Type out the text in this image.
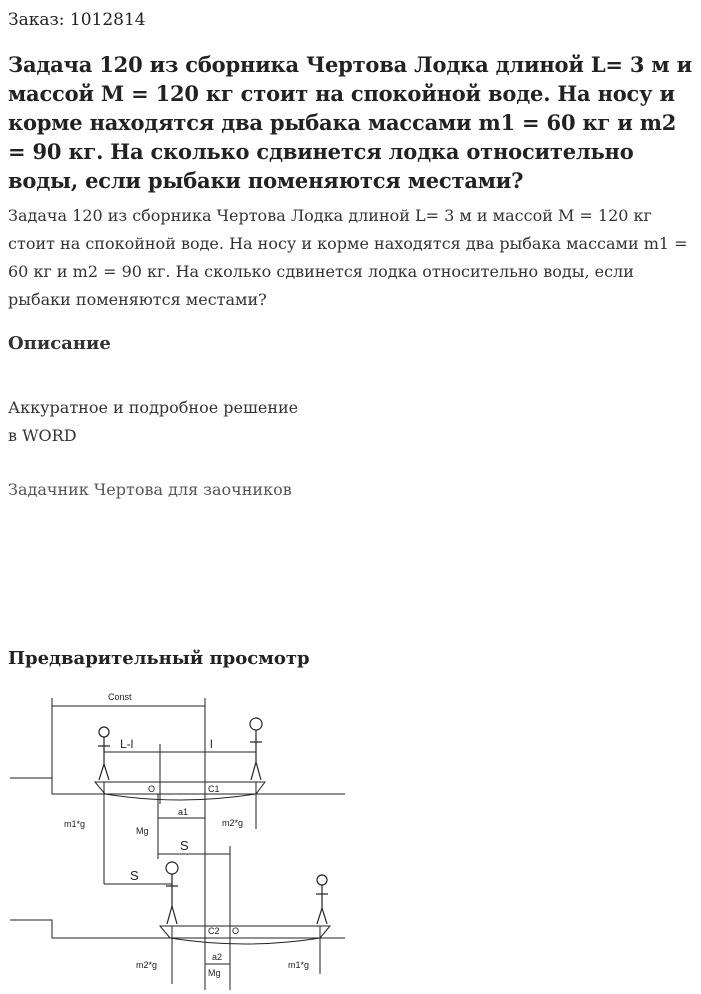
Заказ: 1012814
Задача 120 из сборника Чертова Лодка длиной L= 3 м и массой M = 120 кг стоит на спокойной воде. На носу и корме находятся два рыбака массами m1 = 60 кг и m2 = 90 кг. На сколько сдвинется лодка относительно воды, если рыбаки поменяются местами?

Задача 120 из сборника Чертова Лодка длиной L= 3 м и массой M = 120 кг стоит на спокойной воде. На носу и корме находятся два рыбака массами m1 = 60 кг и m2 = 90 кг. На сколько сдвинется лодка относительно воды, если рыбаки поменяются местами?

Описание
Аккуратное и подробное решение
в WORD
Задачник Чертова для заочников
Предварительный просмотр
Const
L-l	l
O	C1
m1*g
Mg
a1
m2*g
S
S
C2 O
m2*g
Mg
a2
m1*g
